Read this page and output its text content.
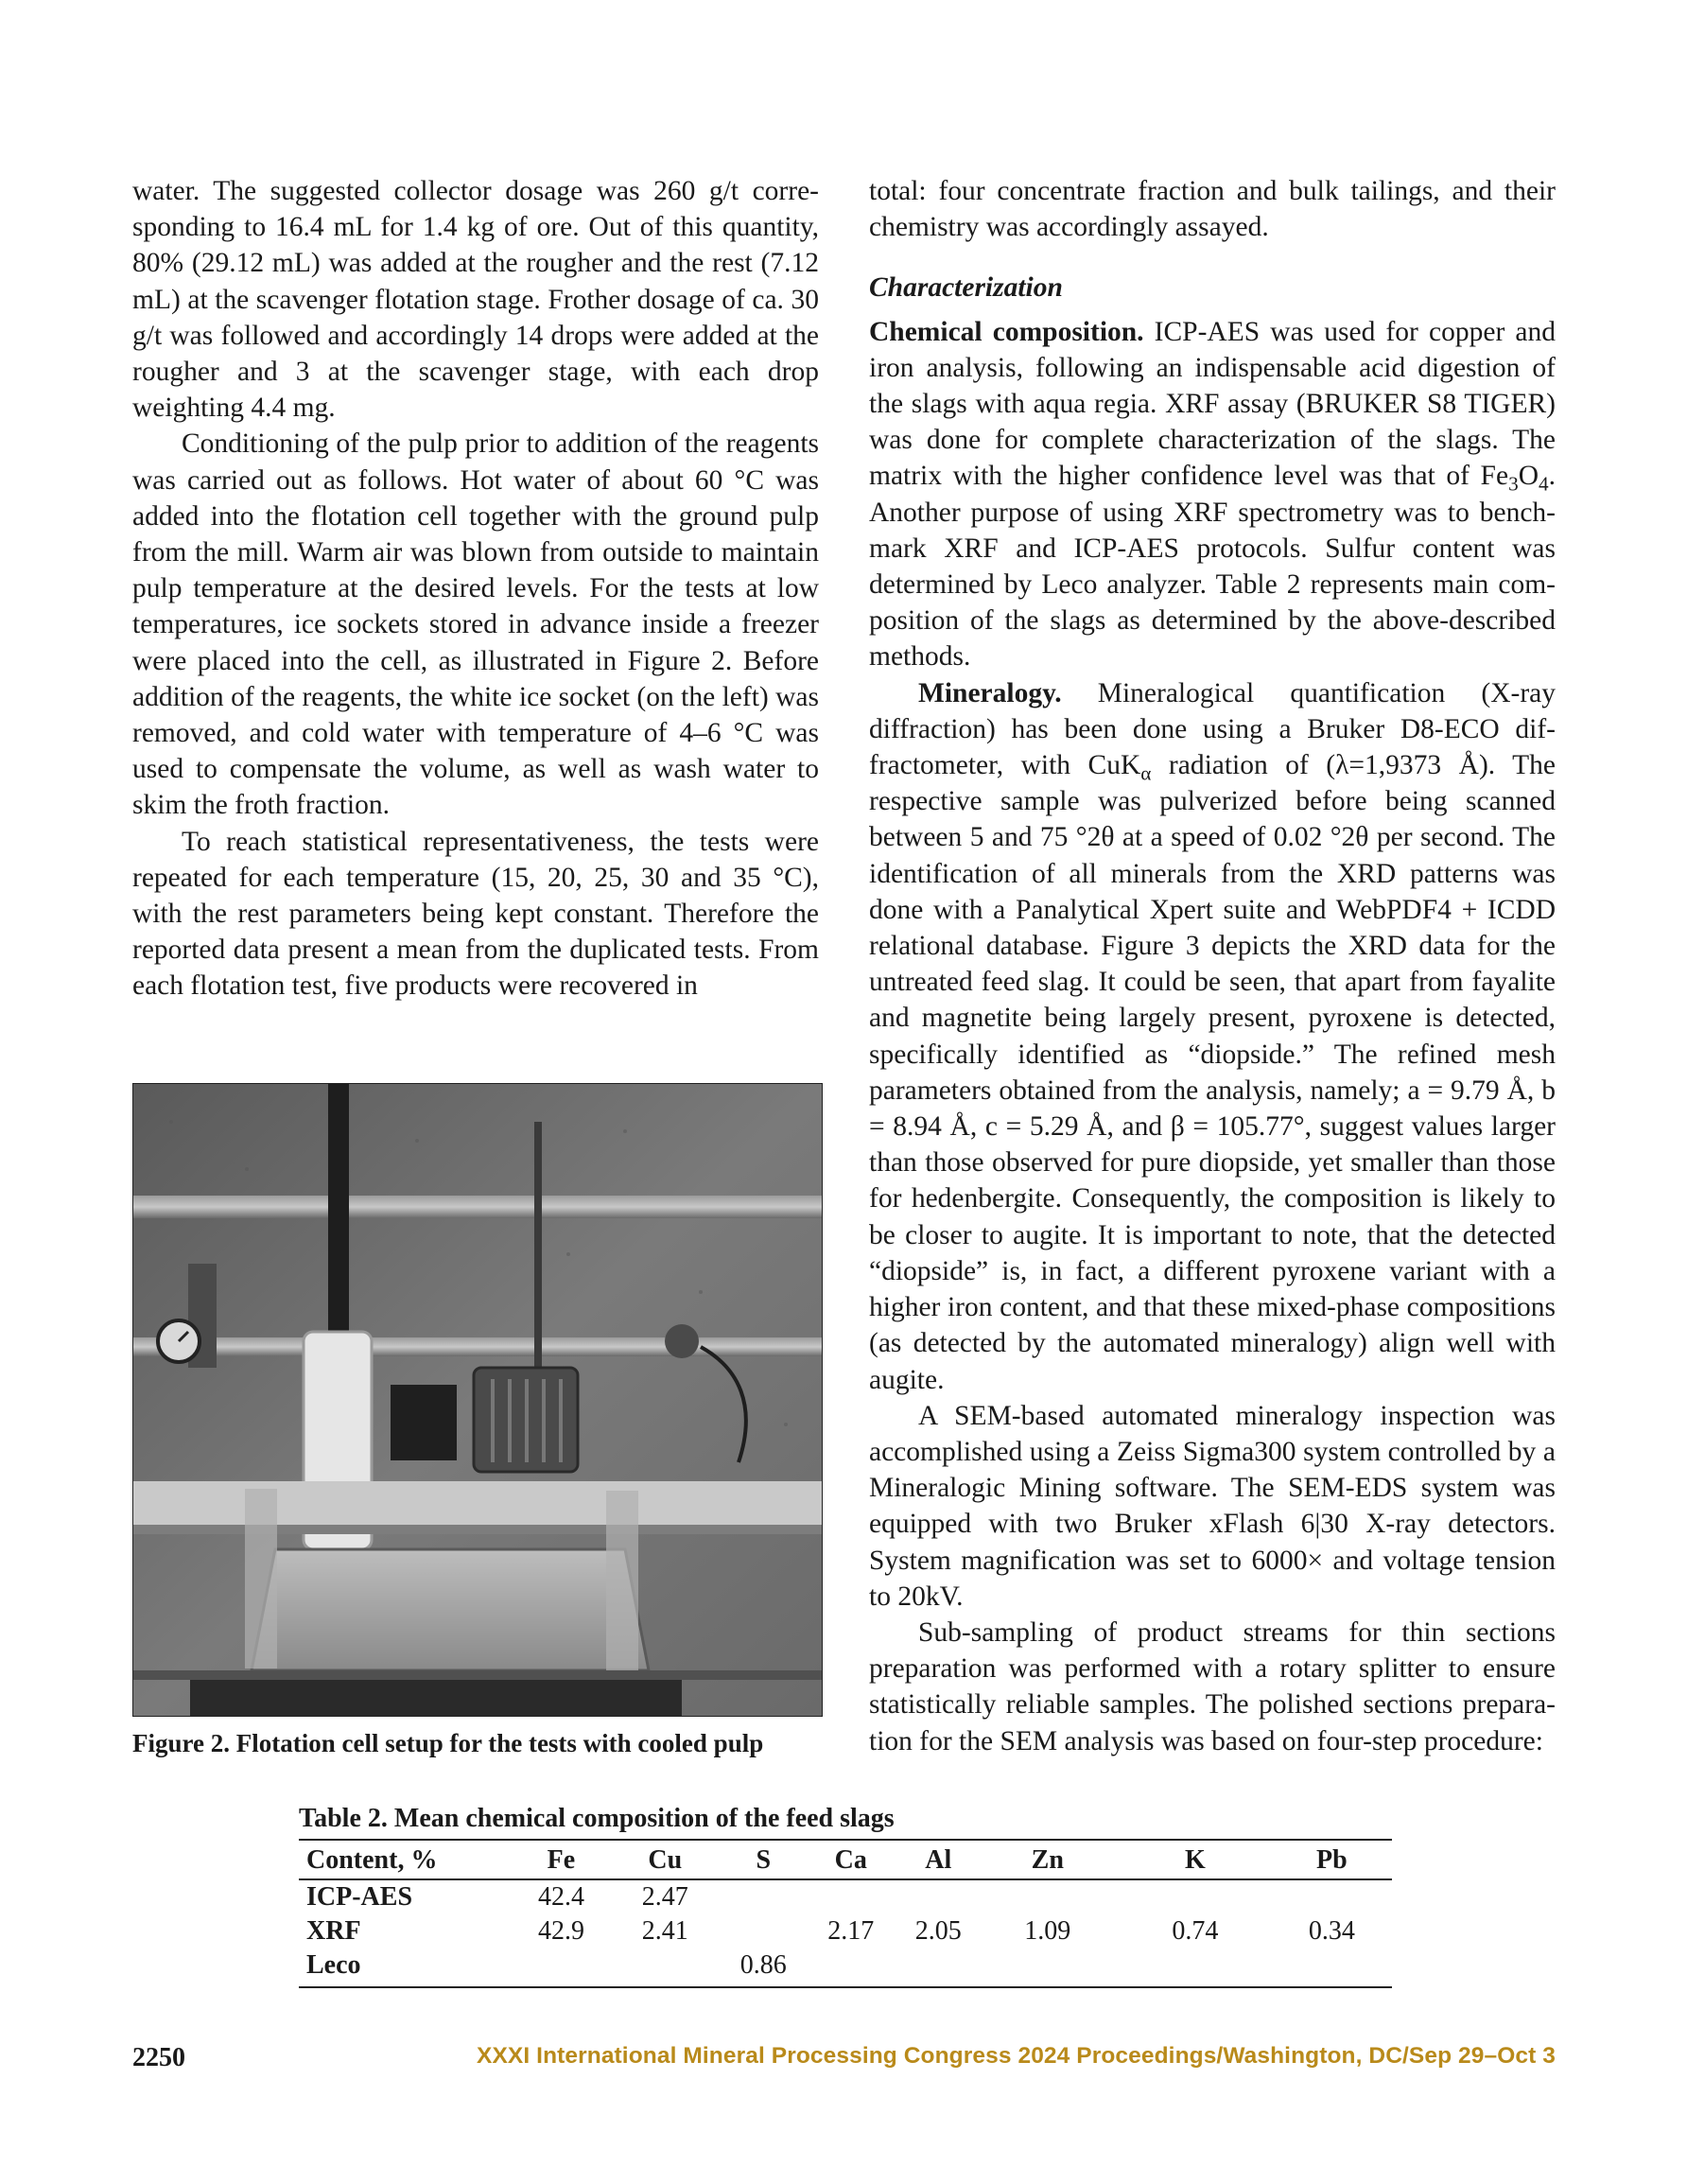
water. The suggested collector dosage was 260 g/t corresponding to 16.4 mL for 1.4 kg of ore. Out of this quantity, 80% (29.12 mL) was added at the rougher and the rest (7.12 mL) at the scavenger flotation stage. Frother dosage of ca. 30 g/t was followed and accordingly 14 drops were added at the rougher and 3 at the scavenger stage, with each drop weighting 4.4 mg.

Conditioning of the pulp prior to addition of the reagents was carried out as follows. Hot water of about 60 °C was added into the flotation cell together with the ground pulp from the mill. Warm air was blown from outside to maintain pulp temperature at the desired levels. For the tests at low temperatures, ice sockets stored in advance inside a freezer were placed into the cell, as illustrated in Figure 2. Before addition of the reagents, the white ice socket (on the left) was removed, and cold water with temperature of 4–6 °C was used to compensate the volume, as well as wash water to skim the froth fraction.

To reach statistical representativeness, the tests were repeated for each temperature (15, 20, 25, 30 and 35 °C), with the rest parameters being kept constant. Therefore the reported data present a mean from the duplicated tests. From each flotation test, five products were recovered in

Figure 2. Flotation cell setup for the tests with cooled pulp

total: four concentrate fraction and bulk tailings, and their chemistry was accordingly assayed.

Characterization

Chemical composition. ICP-AES was used for copper and iron analysis, following an indispensable acid digestion of the slags with aqua regia. XRF assay (BRUKER S8 TIGER) was done for complete characterization of the slags. The matrix with the higher confidence level was that of $Fe_3O_4$. Another purpose of using XRF spectrometry was to benchmark XRF and ICP-AES protocols. Sulfur content was determined by Leco analyzer. Table 2 represents main composition of the slags as determined by the above-described methods.

Mineralogy. Mineralogical quantification (X-ray diffraction) has been done using a Bruker D8-ECO diffractometer, with CuK$_\alpha$ radiation of (λ=1,9373 Å). The respective sample was pulverized before being scanned between 5 and 75 °2θ at a speed of 0.02 °2θ per second. The identification of all minerals from the XRD patterns was done with a Panalytical Xpert suite and WebPDF4 + ICDD relational database. Figure 3 depicts the XRD data for the untreated feed slag. It could be seen, that apart from fayalite and magnetite being largely present, pyroxene is detected, specifically identified as “diopside.” The refined mesh parameters obtained from the analysis, namely; a = 9.79 Å, b = 8.94 Å, c = 5.29 Å, and β = 105.77°, suggest values larger than those observed for pure diopside, yet smaller than those for hedenbergite. Consequently, the composition is likely to be closer to augite. It is important to note, that the detected “diopside” is, in fact, a different pyroxene variant with a higher iron content, and that these mixed-phase compositions (as detected by the automated mineralogy) align well with augite.

A SEM-based automated mineralogy inspection was accomplished using a Zeiss Sigma300 system controlled by a Mineralogic Mining software. The SEM-EDS system was equipped with two Bruker xFlash 6|30 X-ray detectors. System magnification was set to 6000× and voltage tension to 20kV.

Sub-sampling of product streams for thin sections preparation was performed with a rotary splitter to ensure statistically reliable samples. The polished sections preparation for the SEM analysis was based on four-step procedure:

Table 2. Mean chemical composition of the feed slags
Content, %	Fe	Cu	S	Ca	Al	Zn	K	Pb
ICP-AES	42.4	2.47						
XRF	42.9	2.41		2.17	2.05	1.09	0.74	0.34
Leco			0.86					
2250	XXXI International Mineral Processing Congress 2024 Proceedings/Washington, DC/Sep 29–Oct 3
